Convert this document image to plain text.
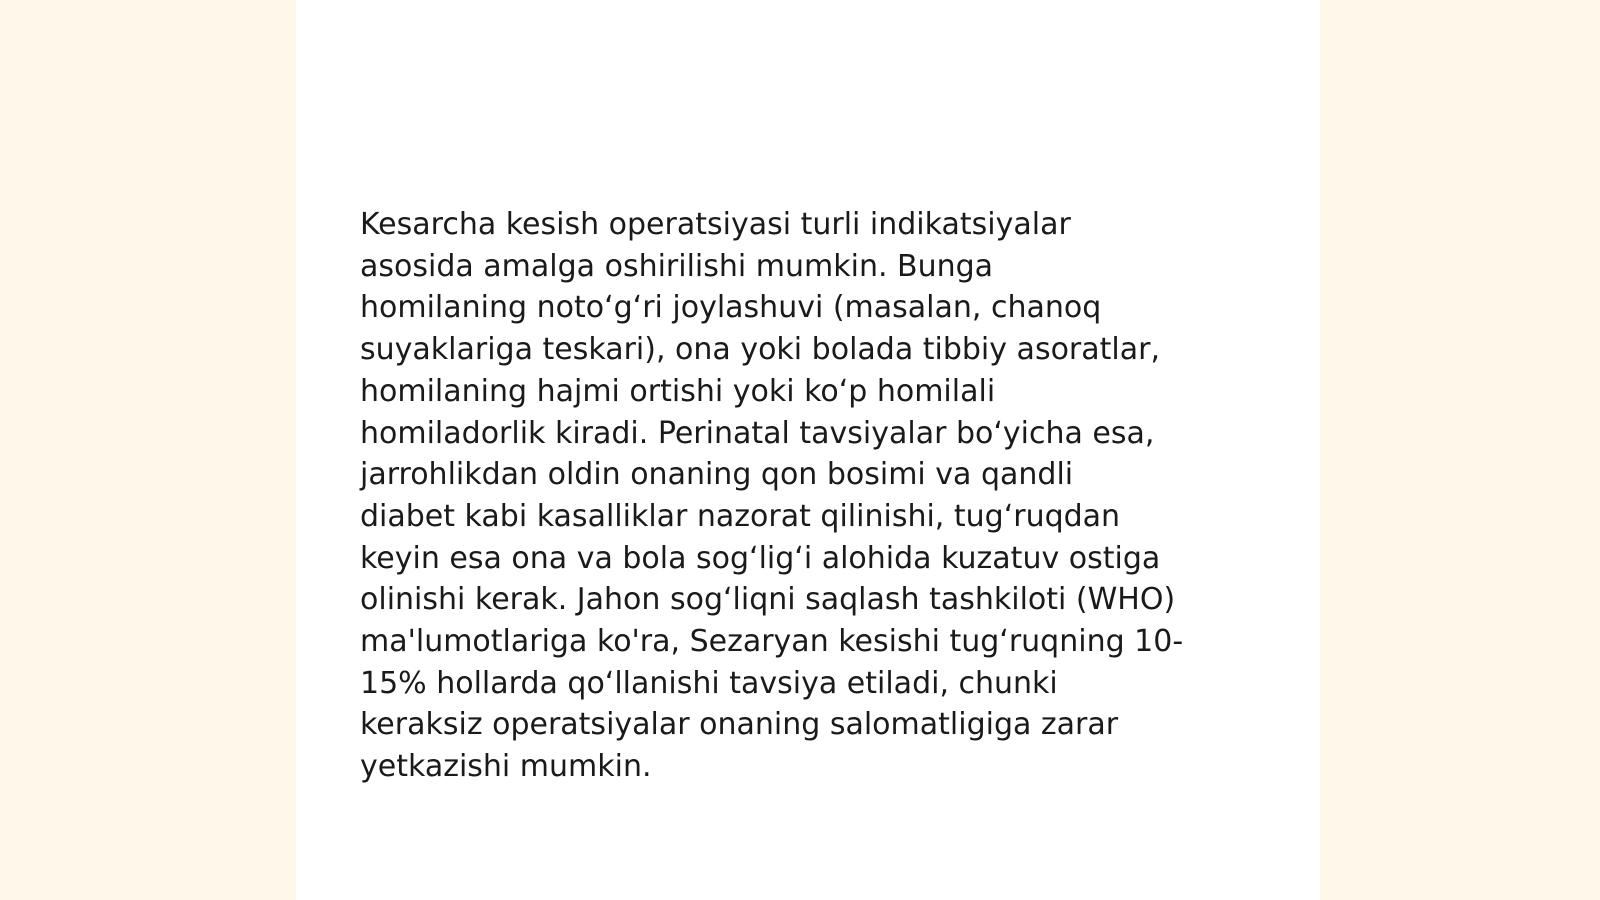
Kesarcha kesish operatsiyasi turli indikatsiyalar
asosida amalga oshirilishi mumkin. Bunga
homilaning noto‘g‘ri joylashuvi (masalan, chanoq
suyaklariga teskari), ona yoki bolada tibbiy asoratlar,
homilaning hajmi ortishi yoki ko‘p homilali
homiladorlik kiradi. Perinatal tavsiyalar bo‘yicha esa,
jarrohlikdan oldin onaning qon bosimi va qandli
diabet kabi kasalliklar nazorat qilinishi, tug‘ruqdan
keyin esa ona va bola sog‘lig‘i alohida kuzatuv ostiga
olinishi kerak. Jahon sog‘liqni saqlash tashkiloti (WHO)
ma'lumotlariga ko'ra, Sezaryan kesishi tug‘ruqning 10-
15% hollarda qo‘llanishi tavsiya etiladi, chunki
keraksiz operatsiyalar onaning salomatligiga zarar
yetkazishi mumkin.
